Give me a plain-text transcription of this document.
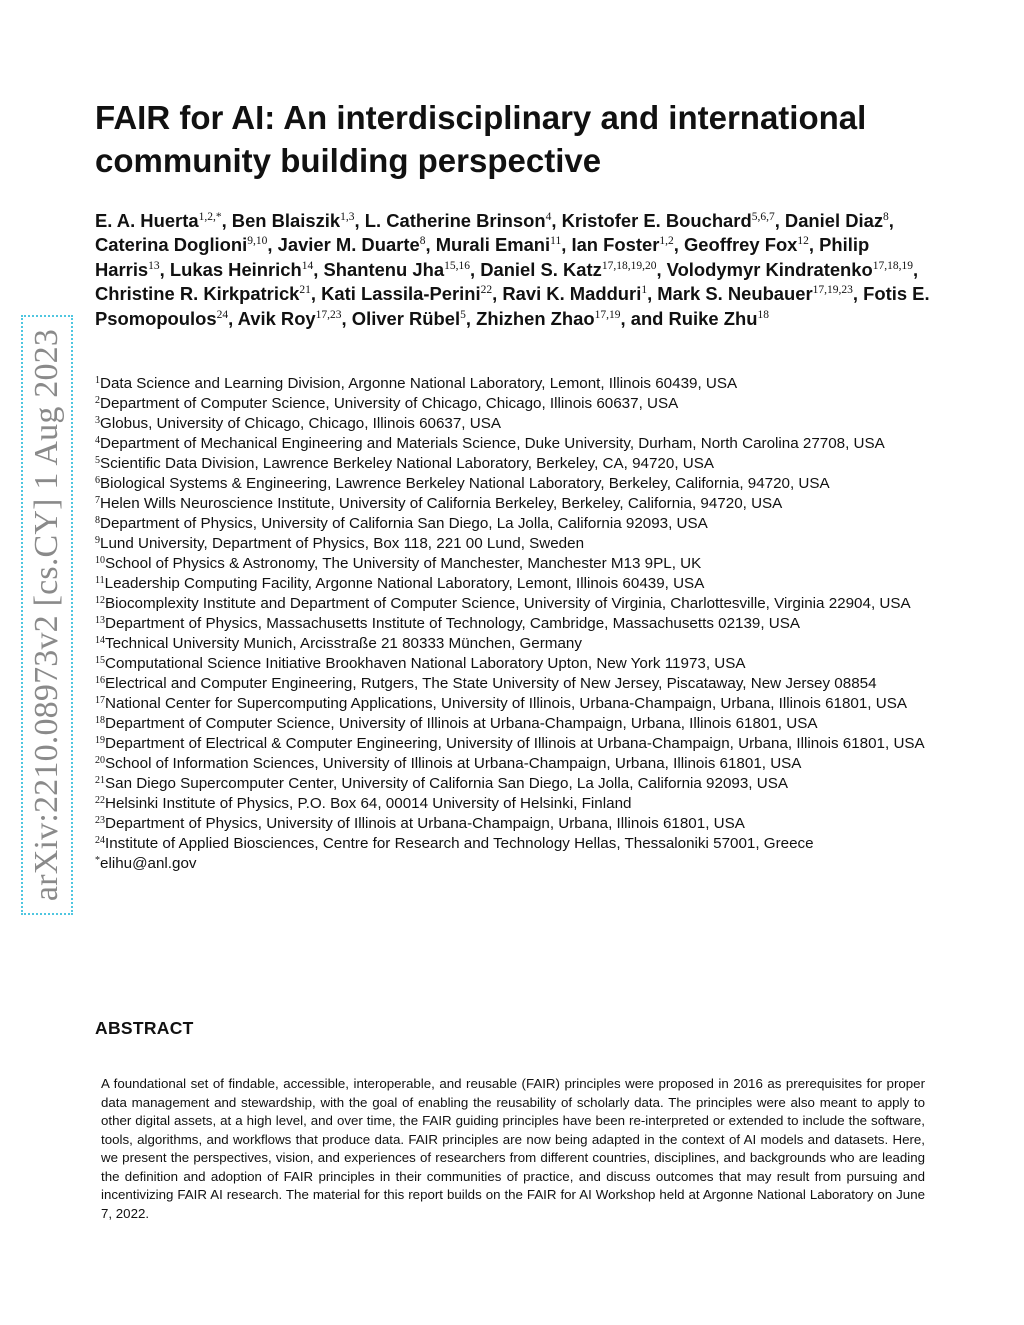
arXiv:2210.08973v2 [cs.CY] 1 Aug 2023
FAIR for AI: An interdisciplinary and international community building perspective
E. A. Huerta$^{1,2,*}$, Ben Blaiszik$^{1,3}$, L. Catherine Brinson$^4$, Kristofer E. Bouchard$^{5,6,7}$, Daniel Diaz$^8$, Caterina Doglioni$^{9,10}$, Javier M. Duarte$^8$, Murali Emani$^{11}$, Ian Foster$^{1,2}$, Geoffrey Fox$^{12}$, Philip Harris$^{13}$, Lukas Heinrich$^{14}$, Shantenu Jha$^{15,16}$, Daniel S. Katz$^{17,18,19,20}$, Volodymyr Kindratenko$^{17,18,19}$, Christine R. Kirkpatrick$^{21}$, Kati Lassila-Perini$^{22}$, Ravi K. Madduri$^1$, Mark S. Neubauer$^{17,19,23}$, Fotis E. Psomopoulos$^{24}$, Avik Roy$^{17,23}$, Oliver Rübel$^5$, Zhizhen Zhao$^{17,19}$, and Ruike Zhu$^{18}$

$^1$Data Science and Learning Division, Argonne National Laboratory, Lemont, Illinois 60439, USA

$^2$Department of Computer Science, University of Chicago, Chicago, Illinois 60637, USA

$^3$Globus, University of Chicago, Chicago, Illinois 60637, USA

$^4$Department of Mechanical Engineering and Materials Science, Duke University, Durham, North Carolina 27708, USA

$^5$Scientific Data Division, Lawrence Berkeley National Laboratory, Berkeley, CA, 94720, USA

$^6$Biological Systems & Engineering, Lawrence Berkeley National Laboratory, Berkeley, California, 94720, USA

$^7$Helen Wills Neuroscience Institute, University of California Berkeley, Berkeley, California, 94720, USA

$^8$Department of Physics, University of California San Diego, La Jolla, California 92093, USA

$^9$Lund University, Department of Physics, Box 118, 221 00 Lund, Sweden

$^{10}$School of Physics & Astronomy, The University of Manchester, Manchester M13 9PL, UK

$^{11}$Leadership Computing Facility, Argonne National Laboratory, Lemont, Illinois 60439, USA

$^{12}$Biocomplexity Institute and Department of Computer Science, University of Virginia, Charlottesville, Virginia 22904, USA

$^{13}$Department of Physics, Massachusetts Institute of Technology, Cambridge, Massachusetts 02139, USA

$^{14}$Technical University Munich, Arcisstraße 21 80333 München, Germany

$^{15}$Computational Science Initiative Brookhaven National Laboratory Upton, New York 11973, USA

$^{16}$Electrical and Computer Engineering, Rutgers, The State University of New Jersey, Piscataway, New Jersey 08854

$^{17}$National Center for Supercomputing Applications, University of Illinois, Urbana-Champaign, Urbana, Illinois 61801, USA

$^{18}$Department of Computer Science, University of Illinois at Urbana-Champaign, Urbana, Illinois 61801, USA

$^{19}$Department of Electrical & Computer Engineering, University of Illinois at Urbana-Champaign, Urbana, Illinois 61801, USA

$^{20}$School of Information Sciences, University of Illinois at Urbana-Champaign, Urbana, Illinois 61801, USA

$^{21}$San Diego Supercomputer Center, University of California San Diego, La Jolla, California 92093, USA

$^{22}$Helsinki Institute of Physics, P.O. Box 64, 00014 University of Helsinki, Finland

$^{23}$Department of Physics, University of Illinois at Urbana-Champaign, Urbana, Illinois 61801, USA

$^{24}$Institute of Applied Biosciences, Centre for Research and Technology Hellas, Thessaloniki 57001, Greece

*elihu@anl.gov

ABSTRACT

A foundational set of findable, accessible, interoperable, and reusable (FAIR) principles were proposed in 2016 as prerequisites for proper data management and stewardship, with the goal of enabling the reusability of scholarly data. The principles were also meant to apply to other digital assets, at a high level, and over time, the FAIR guiding principles have been re-interpreted or extended to include the software, tools, algorithms, and workflows that produce data. FAIR principles are now being adapted in the context of AI models and datasets. Here, we present the perspectives, vision, and experiences of researchers from different countries, disciplines, and backgrounds who are leading the definition and adoption of FAIR principles in their communities of practice, and discuss outcomes that may result from pursuing and incentivizing FAIR AI research. The material for this report builds on the FAIR for AI Workshop held at Argonne National Laboratory on June 7, 2022.
